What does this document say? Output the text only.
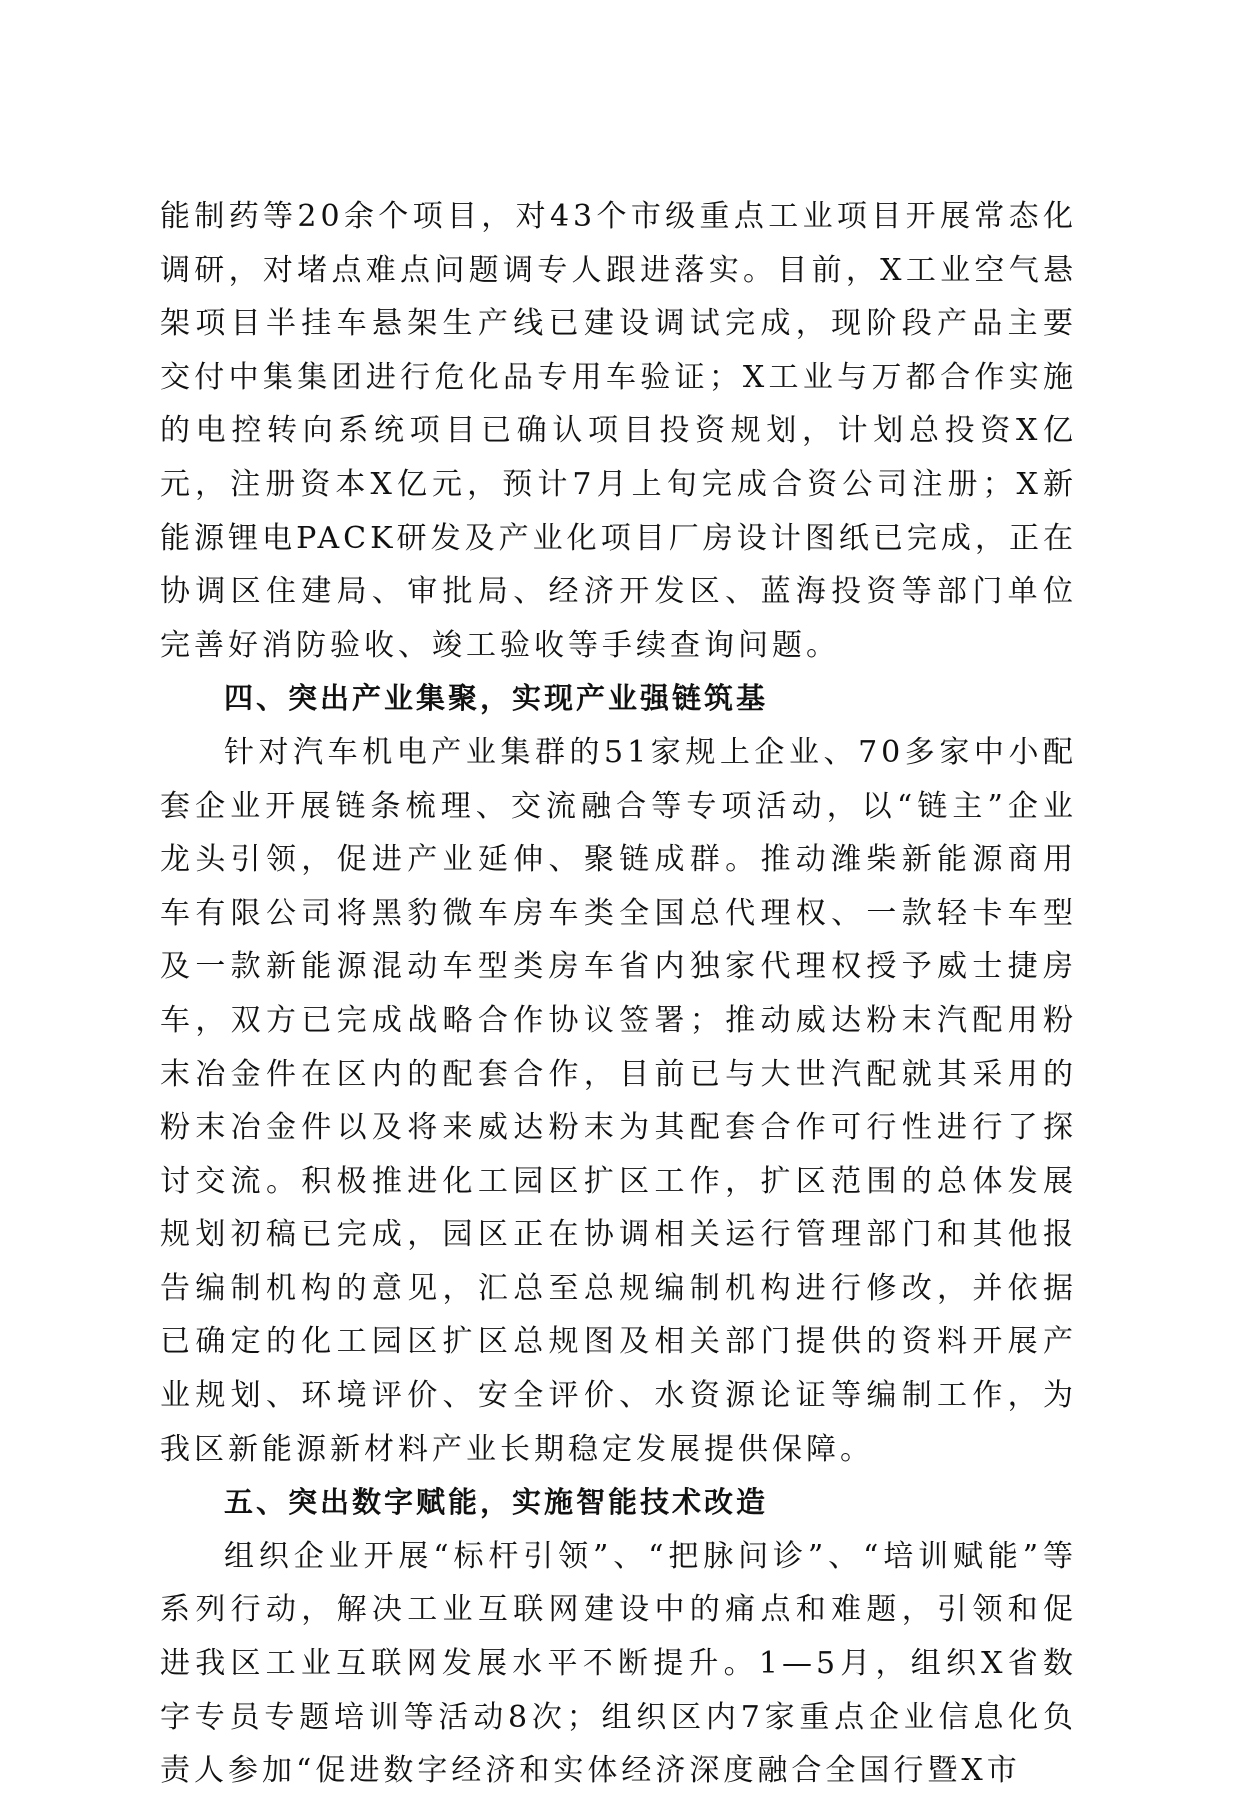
能制药等20余个项目，对43个市级重点工业项目开展常态化调研，对堵点难点问题调专人跟进落实。目前，X工业空气悬架项目半挂车悬架生产线已建设调试完成，现阶段产品主要交付中集集团进行危化品专用车验证；X工业与万都合作实施的电控转向系统项目已确认项目投资规划，计划总投资X亿元，注册资本X亿元，预计7月上旬完成合资公司注册；X新能源锂电PACK研发及产业化项目厂房设计图纸已完成，正在协调区住建局、审批局、经济开发区、蓝海投资等部门单位完善好消防验收、竣工验收等手续查询问题。

四、突出产业集聚，实现产业强链筑基

针对汽车机电产业集群的51家规上企业、70多家中小配套企业开展链条梳理、交流融合等专项活动，以“链主”企业龙头引领，促进产业延伸、聚链成群。推动潍柴新能源商用车有限公司将黑豹微车房车类全国总代理权、一款轻卡车型及一款新能源混动车型类房车省内独家代理权授予威士捷房车，双方已完成战略合作协议签署；推动威达粉末汽配用粉末冶金件在区内的配套合作，目前已与大世汽配就其采用的粉末冶金件以及将来威达粉末为其配套合作可行性进行了探讨交流。积极推进化工园区扩区工作，扩区范围的总体发展规划初稿已完成，园区正在协调相关运行管理部门和其他报告编制机构的意见，汇总至总规编制机构进行修改，并依据已确定的化工园区扩区总规图及相关部门提供的资料开展产业规划、环境评价、安全评价、水资源论证等编制工作，为我区新能源新材料产业长期稳定发展提供保障。

五、突出数字赋能，实施智能技术改造

组织企业开展“标杆引领”、“把脉问诊”、“培训赋能”等系列行动，解决工业互联网建设中的痛点和难题，引领和促进我区工业互联网发展水平不断提升。1—5月，组织X省数字专员专题培训等活动8次；组织区内7家重点企业信息化负责人参加“促进数字经济和实体经济深度融合全国行暨X市
